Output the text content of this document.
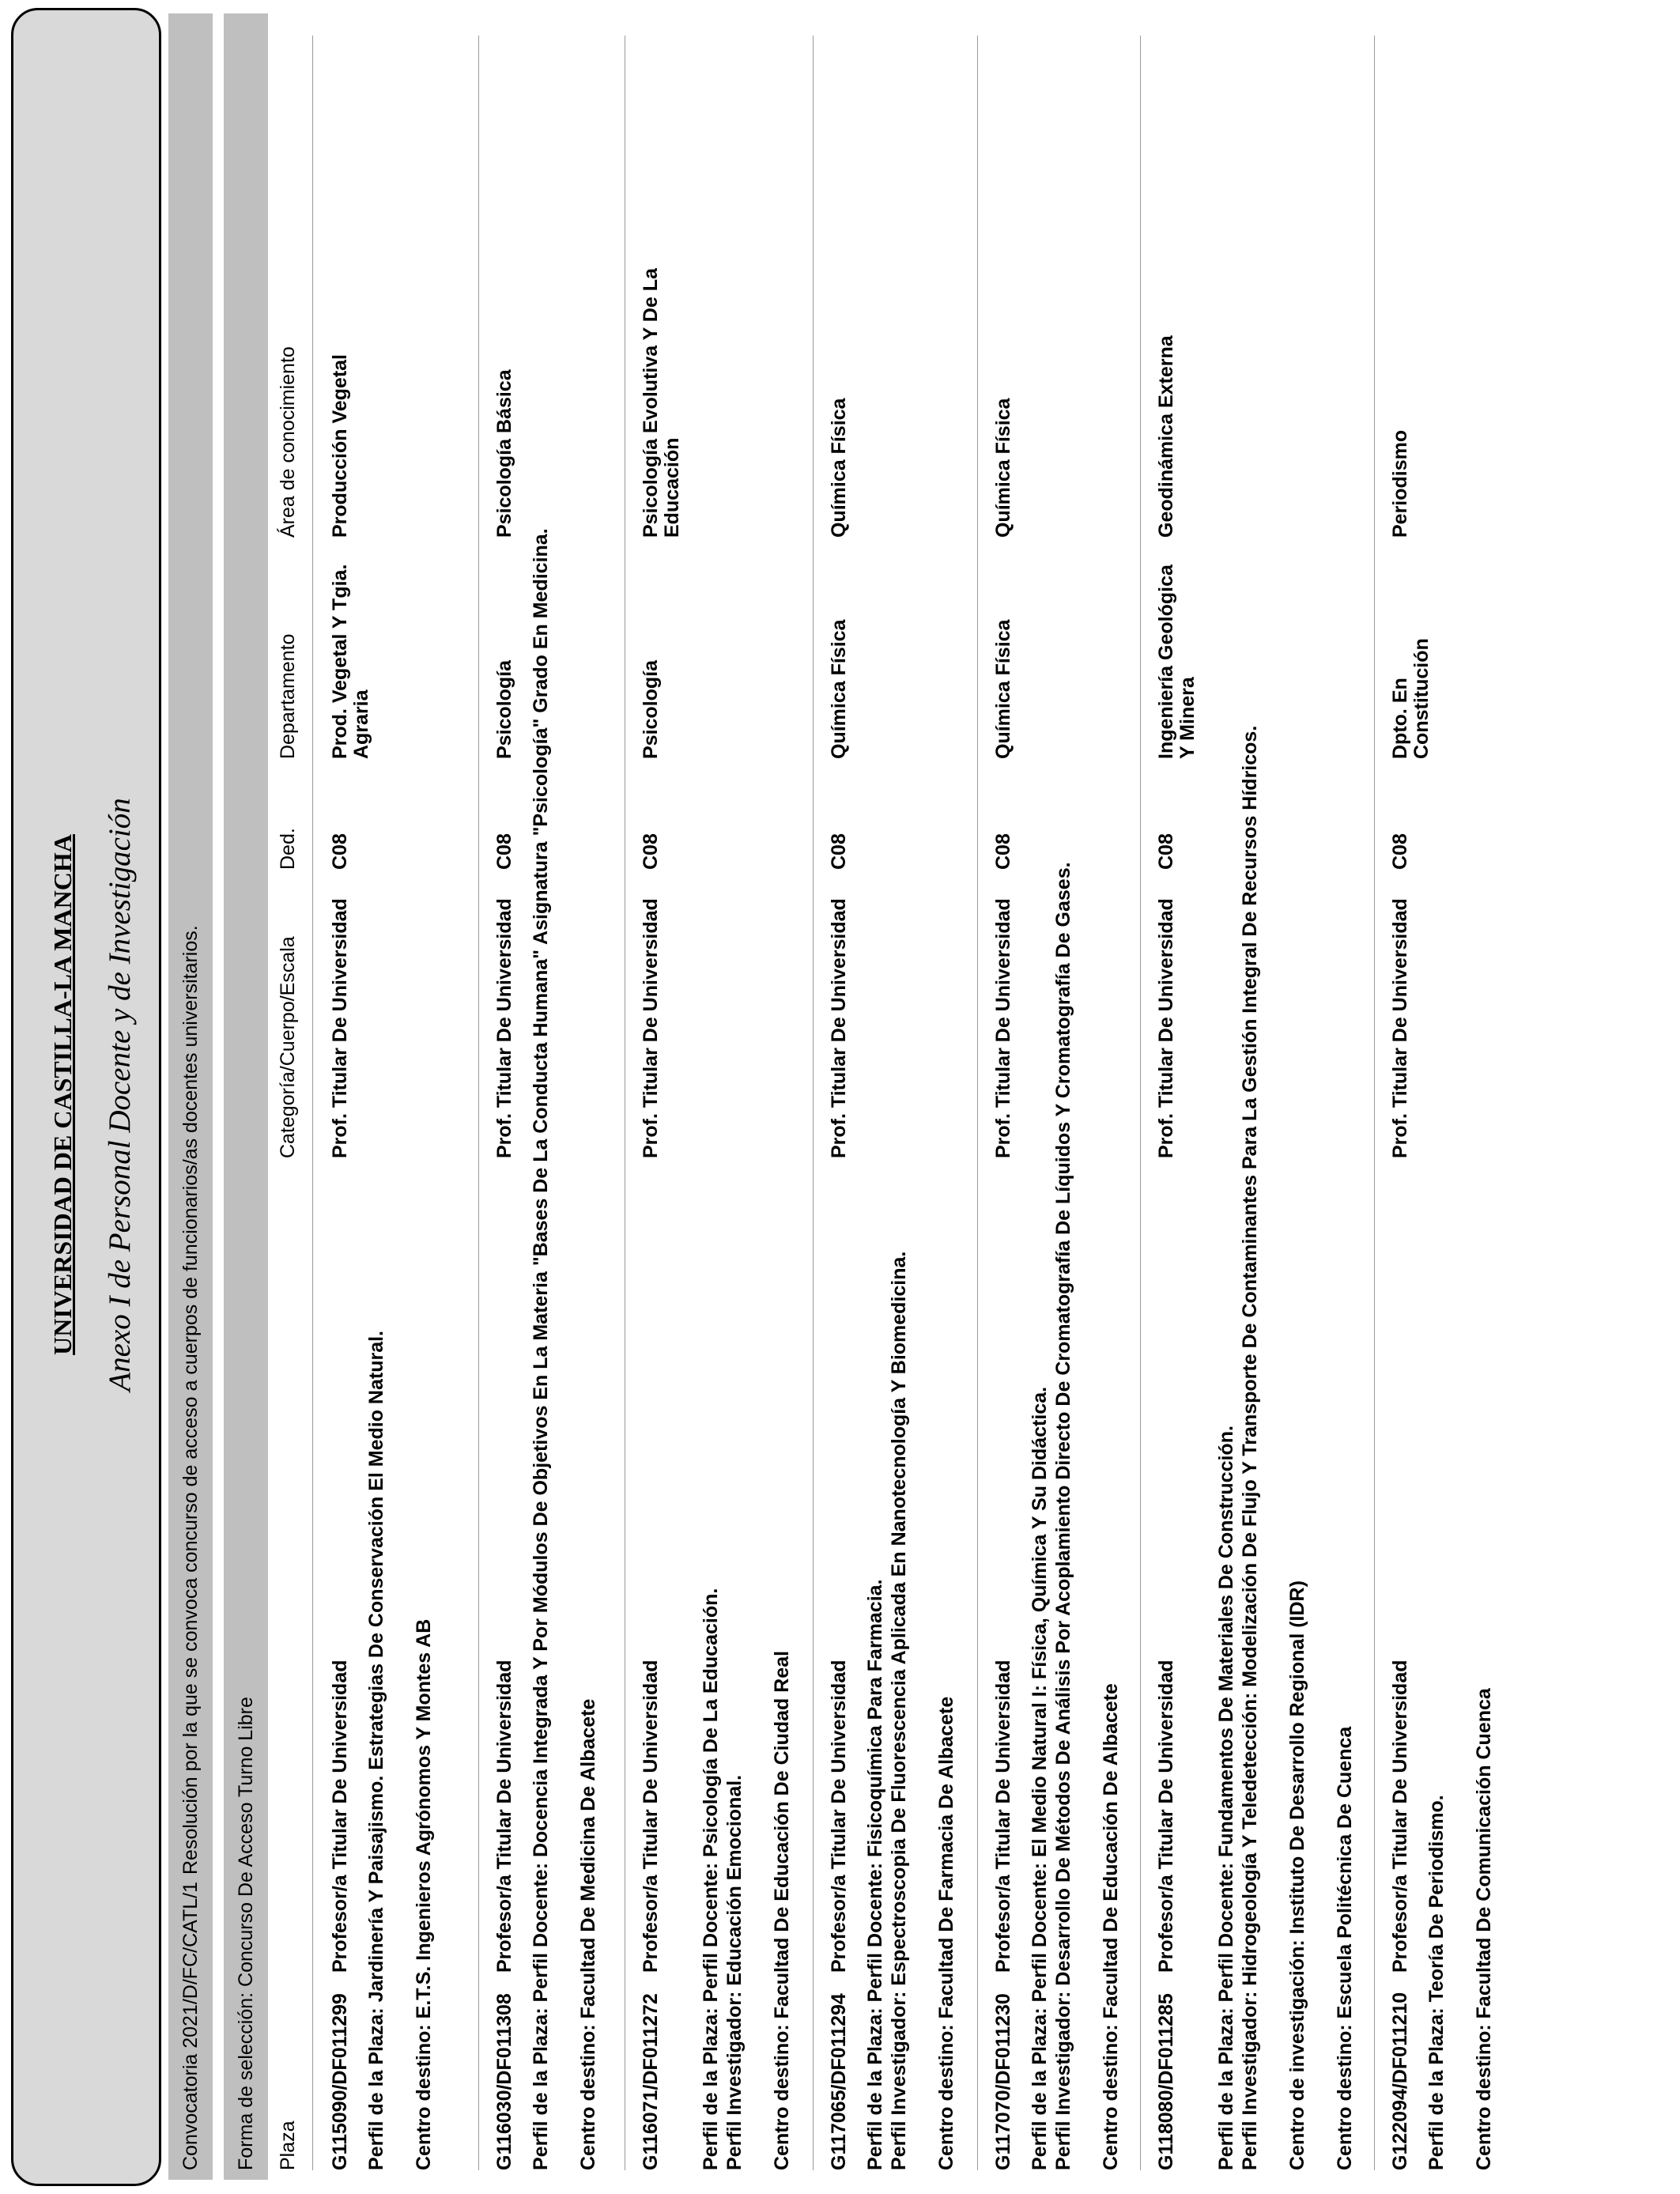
UNIVERSIDAD DE CASTILLA-LA MANCHA Anexo I de Personal Docente y de Investigación
Convocatoria 2021/D/FC/CATL/1
Resolución por la que se convoca concurso de acceso a cuerpos de funcionarios/as docentes universitarios.
Forma de selección: Concurso De Acceso Turno Libre Plaza
Categoría/Cuerpo/Escala
Ded.
Departamento
Área de conocimiento
G115090/DF011299
Profesor/a Titular De Universidad
Prof. Titular De Universidad
C08
Prod. Vegetal Y Tgia. Agraria
Producción Vegetal
Perfil de la Plaza: Jardinería Y Paisajismo. Estrategias De Conservación El Medio Natural. Centro destino: E.T.S. Ingenieros Agrónomos Y Montes AB	G116030/DF011308
Profesor/a Titular De Universidad
Prof. Titular De Universidad
C08
Psicología
Psicología Básica
Perfil de la Plaza: Perfil Docente: Docencia Integrada Y Por Módulos De Objetivos En La Materia "Bases De La Conducta Humana" Asignatura "Psicología" Grado En Medicina. Centro destino: Facultad De Medicina De Albacete G116071/DF011272
Profesor/a Titular De Universidad
Prof. Titular De Universidad
C08
Psicología
Psicología Evolutiva Y De La Educación
Perfil de la Plaza: Perfil Docente: Psicología De La Educación. Perfil Investigador: Educación Emocional. Centro destino: Facultad De Educación De Ciudad Real G117065/DF011294
Profesor/a Titular De Universidad
Prof. Titular De Universidad
C08
Química Física
Química Física
Perfil de la Plaza: Perfil Docente: Fisicoquímica Para Farmacia. Perfil Investigador: Espectroscopia De Fluorescencia Aplicada En Nanotecnología Y Biomedicina. Centro destino: Facultad De Farmacia De Albacete G117070/DF011230
Profesor/a Titular De Universidad
Prof. Titular De Universidad
C08
Química Física
Química Física
Perfil de la Plaza: Perfil Docente: El Medio Natural I: Física, Química Y Su Didáctica. Perfil Investigador: Desarrollo De Métodos De Análisis Por Acoplamiento Directo De Cromatografía De Líquidos Y Cromatografía De Gases. Centro destino: Facultad De Educación De Albacete G118080/DF011285
Profesor/a Titular De Universidad
Prof. Titular De Universidad
C08
Ingeniería Geológica Y Minera
Geodinámica Externa
Perfil de la Plaza: Perfil Docente: Fundamentos De Materiales De Construcción. Perfil Investigador: Hidrogeología Y Teledetección: Modelización De Flujo Y Transporte De Contaminantes Para La Gestión Integral De Recursos Hídricos. Centro de investigación: Instituto De Desarrollo Regional (IDR) Centro destino: Escuela Politécnica De Cuenca G122094/DF011210
Profesor/a Titular De Universidad
Prof. Titular De Universidad
C08
Dpto. En Constitución
Periodismo
Perfil de la Plaza: Teoría De Periodismo. Centro destino: Facultad De Comunicación Cuenca
